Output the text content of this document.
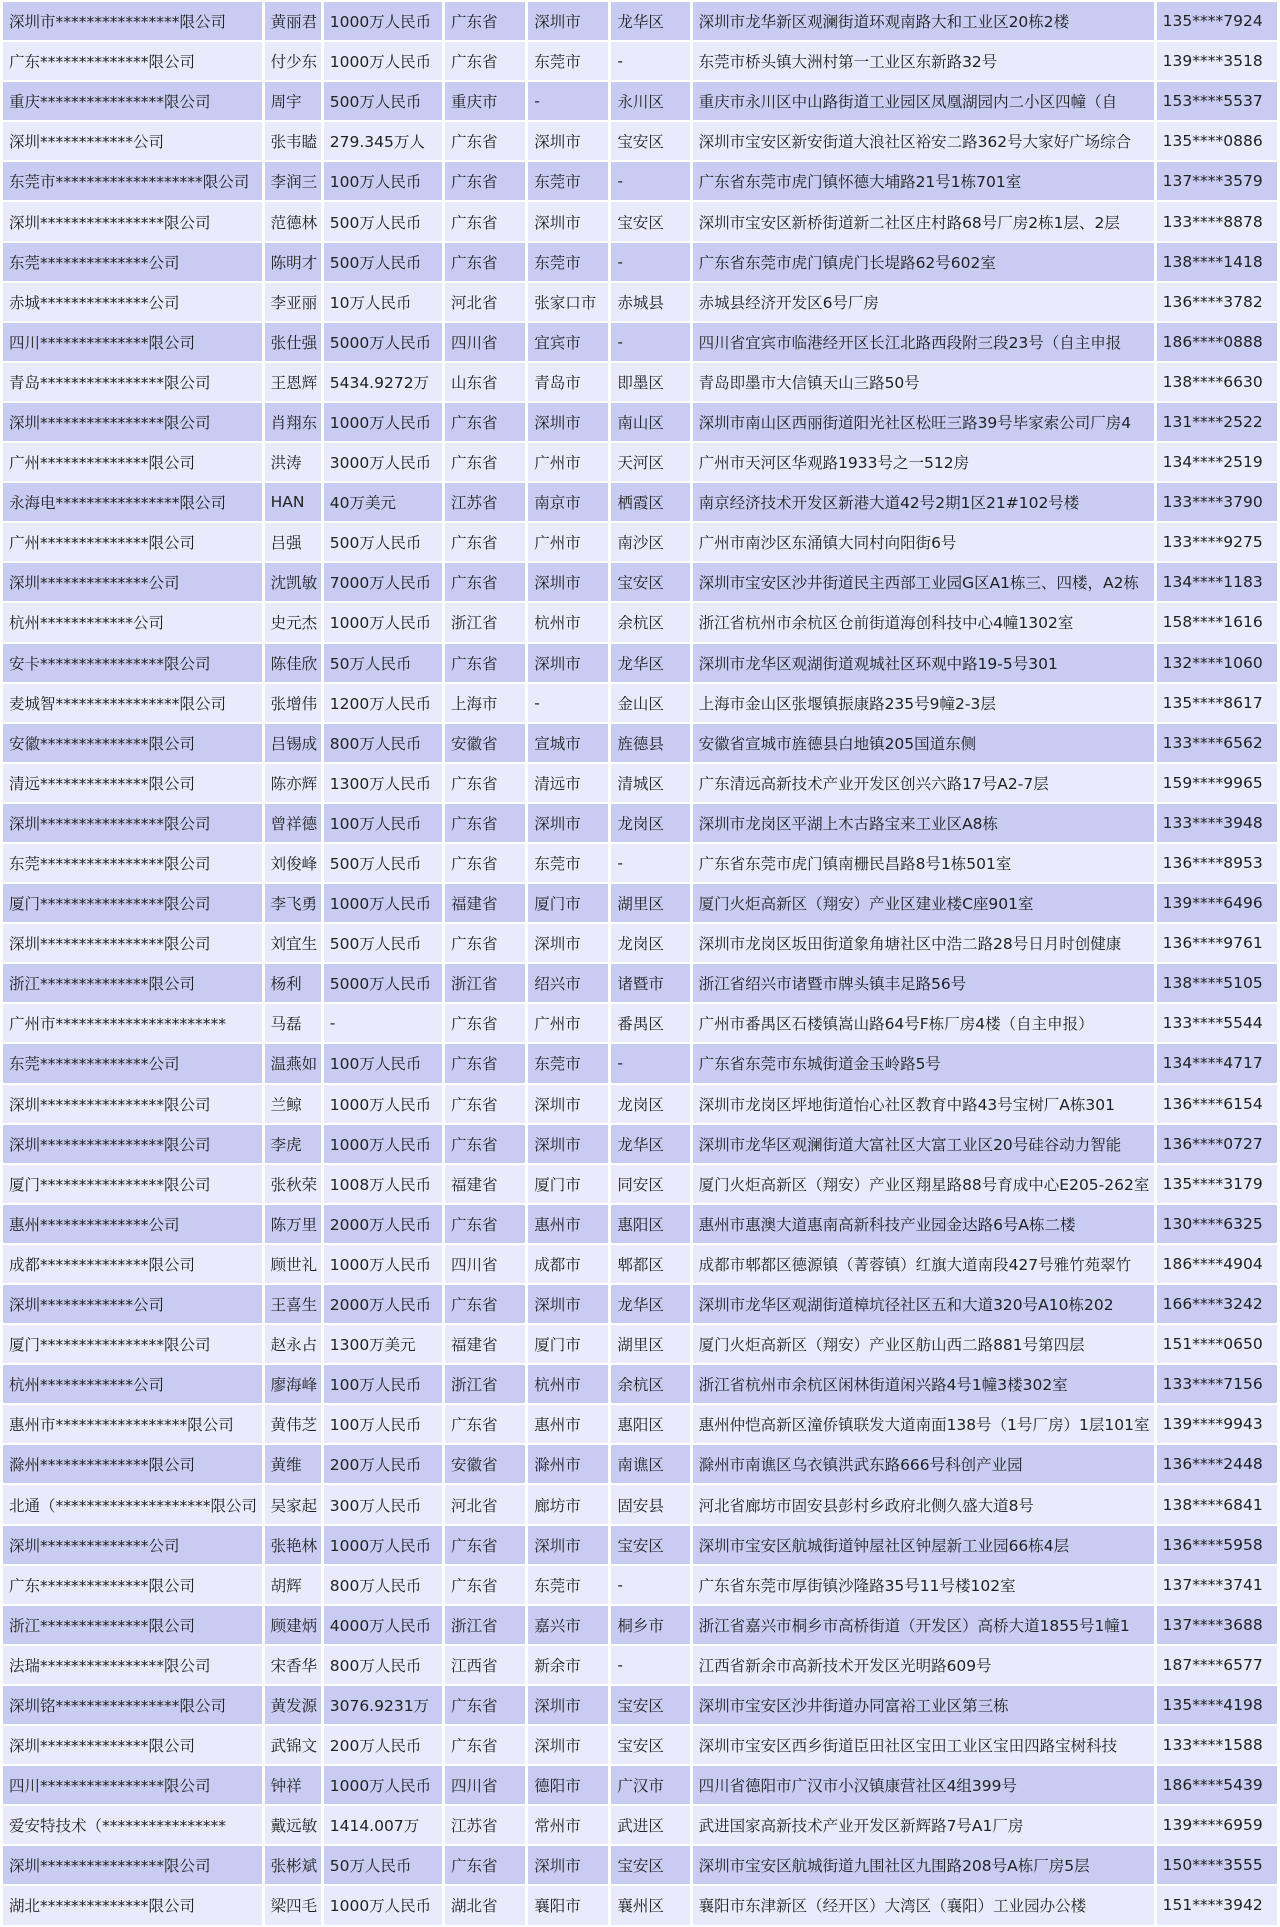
深圳市****************限公司	黄丽君	1000万人民币	广东省	深圳市	龙华区	深圳市龙华新区观澜街道环观南路大和工业区20栋2楼	135****7924
广东**************限公司	付少东	1000万人民币	广东省	东莞市	-	东莞市桥头镇大洲村第一工业区东新路32号	139****3518
重庆****************限公司	周宇	500万人民币	重庆市	-	永川区	重庆市永川区中山路街道工业园区凤凰湖园内二小区四幢（自	153****5537
深圳************公司	张韦瞌	279.345万人	广东省	深圳市	宝安区	深圳市宝安区新安街道大浪社区裕安二路362号大家好广场综合	135****0886
东莞市*******************限公司	李润三	100万人民币	广东省	东莞市	-	广东省东莞市虎门镇怀德大埔路21号1栋701室	137****3579
深圳****************限公司	范德林	500万人民币	广东省	深圳市	宝安区	深圳市宝安区新桥街道新二社区庄村路68号厂房2栋1层、2层	133****8878
东莞**************公司	陈明才	500万人民币	广东省	东莞市	-	广东省东莞市虎门镇虎门长堤路62号602室	138****1418
赤城**************公司	李亚丽	10万人民币	河北省	张家口市	赤城县	赤城县经济开发区6号厂房	136****3782
四川**************限公司	张仕强	5000万人民币	四川省	宜宾市	-	四川省宜宾市临港经开区长江北路西段附三段23号（自主申报	186****0888
青岛****************限公司	王恩辉	5434.9272万	山东省	青岛市	即墨区	青岛即墨市大信镇天山三路50号	138****6630
深圳****************限公司	肖翔东	1000万人民币	广东省	深圳市	南山区	深圳市南山区西丽街道阳光社区松旺三路39号毕家索公司厂房4	131****2522
广州**************限公司	洪涛	3000万人民币	广东省	广州市	天河区	广州市天河区华观路1933号之一512房	134****2519
永海电****************限公司	HAN	40万美元	江苏省	南京市	栖霞区	南京经济技术开发区新港大道42号2期1区21#102号楼	133****3790
广州**************限公司	吕强	500万人民币	广东省	广州市	南沙区	广州市南沙区东涌镇大同村向阳街6号	133****9275
深圳**************公司	沈凯敏	7000万人民币	广东省	深圳市	宝安区	深圳市宝安区沙井街道民主西部工业园G区A1栋三、四楼，A2栋	134****1183
杭州************公司	史元杰	1000万人民币	浙江省	杭州市	余杭区	浙江省杭州市余杭区仓前街道海创科技中心4幢1302室	158****1616
安卡****************限公司	陈佳欣	50万人民币	广东省	深圳市	龙华区	深圳市龙华区观湖街道观城社区环观中路19-5号301	132****1060
麦城智****************限公司	张增伟	1200万人民币	上海市	-	金山区	上海市金山区张堰镇振康路235号9幢2-3层	135****8617
安徽**************限公司	吕锡成	800万人民币	安徽省	宣城市	旌德县	安徽省宣城市旌德县白地镇205国道东侧	133****6562
清远**************限公司	陈亦辉	1300万人民币	广东省	清远市	清城区	广东清远高新技术产业开发区创兴六路17号A2-7层	159****9965
深圳****************限公司	曾祥德	100万人民币	广东省	深圳市	龙岗区	深圳市龙岗区平湖上木古路宝来工业区A8栋	133****3948
东莞****************限公司	刘俊峰	500万人民币	广东省	东莞市	-	广东省东莞市虎门镇南栅民昌路8号1栋501室	136****8953
厦门****************限公司	李飞勇	1000万人民币	福建省	厦门市	湖里区	厦门火炬高新区（翔安）产业区建业楼C座901室	139****6496
深圳****************限公司	刘宜生	500万人民币	广东省	深圳市	龙岗区	深圳市龙岗区坂田街道象角塘社区中浩二路28号日月时创健康	136****9761
浙江**************限公司	杨利	5000万人民币	浙江省	绍兴市	诸暨市	浙江省绍兴市诸暨市牌头镇丰足路56号	138****5105
广州市**********************	马磊	-	广东省	广州市	番禺区	广州市番禺区石楼镇嵩山路64号F栋厂房4楼（自主申报）	133****5544
东莞**************公司	温燕如	100万人民币	广东省	东莞市	-	广东省东莞市东城街道金玉岭路5号	134****4717
深圳****************限公司	兰鲸	1000万人民币	广东省	深圳市	龙岗区	深圳市龙岗区坪地街道怡心社区教育中路43号宝树厂A栋301	136****6154
深圳****************限公司	李虎	1000万人民币	广东省	深圳市	龙华区	深圳市龙华区观澜街道大富社区大富工业区20号硅谷动力智能	136****0727
厦门****************限公司	张秋荣	1008万人民币	福建省	厦门市	同安区	厦门火炬高新区（翔安）产业区翔星路88号育成中心E205-262室	135****3179
惠州**************公司	陈万里	2000万人民币	广东省	惠州市	惠阳区	惠州市惠澳大道惠南高新科技产业园金达路6号A栋二楼	130****6325
成都**************限公司	顾世礼	1000万人民币	四川省	成都市	郫都区	成都市郫都区德源镇（菁蓉镇）红旗大道南段427号雅竹苑翠竹	186****4904
深圳************公司	王喜生	2000万人民币	广东省	深圳市	龙华区	深圳市龙华区观湖街道樟坑径社区五和大道320号A10栋202	166****3242
厦门****************限公司	赵永占	1300万美元	福建省	厦门市	湖里区	厦门火炬高新区（翔安）产业区舫山西二路881号第四层	151****0650
杭州************公司	廖海峰	100万人民币	浙江省	杭州市	余杭区	浙江省杭州市余杭区闲林街道闲兴路4号1幢3楼302室	133****7156
惠州市*****************限公司	黄伟芝	100万人民币	广东省	惠州市	惠阳区	惠州仲恺高新区潼侨镇联发大道南面138号（1号厂房）1层101室	139****9943
滁州**************限公司	黄维	200万人民币	安徽省	滁州市	南谯区	滁州市南谯区乌衣镇洪武东路666号科创产业园	136****2448
北通（********************限公司	吴家起	300万人民币	河北省	廊坊市	固安县	河北省廊坊市固安县彭村乡政府北侧久盛大道8号	138****6841
深圳**************公司	张艳林	1000万人民币	广东省	深圳市	宝安区	深圳市宝安区航城街道钟屋社区钟屋新工业园66栋4层	136****5958
广东**************限公司	胡辉	800万人民币	广东省	东莞市	-	广东省东莞市厚街镇沙隆路35号11号楼102室	137****3741
浙江**************限公司	顾建炳	4000万人民币	浙江省	嘉兴市	桐乡市	浙江省嘉兴市桐乡市高桥街道（开发区）高桥大道1855号1幢1	137****3688
法瑞****************限公司	宋香华	800万人民币	江西省	新余市	-	江西省新余市高新技术开发区光明路609号	187****6577
深圳铭****************限公司	黄发源	3076.9231万	广东省	深圳市	宝安区	深圳市宝安区沙井街道办同富裕工业区第三栋	135****4198
深圳**************限公司	武锦文	200万人民币	广东省	深圳市	宝安区	深圳市宝安区西乡街道臣田社区宝田工业区宝田四路宝树科技	133****1588
四川****************限公司	钟祥	1000万人民币	四川省	德阳市	广汉市	四川省德阳市广汉市小汉镇康营社区4组399号	186****5439
爱安特技术（****************	戴远敏	1414.007万	江苏省	常州市	武进区	武进国家高新技术产业开发区新辉路7号A1厂房	139****6959
深圳****************限公司	张彬斌	50万人民币	广东省	深圳市	宝安区	深圳市宝安区航城街道九围社区九围路208号A栋厂房5层	150****3555
湖北**************限公司	梁四毛	1000万人民币	湖北省	襄阳市	襄州区	襄阳市东津新区（经开区）大湾区（襄阳）工业园办公楼	151****3942
